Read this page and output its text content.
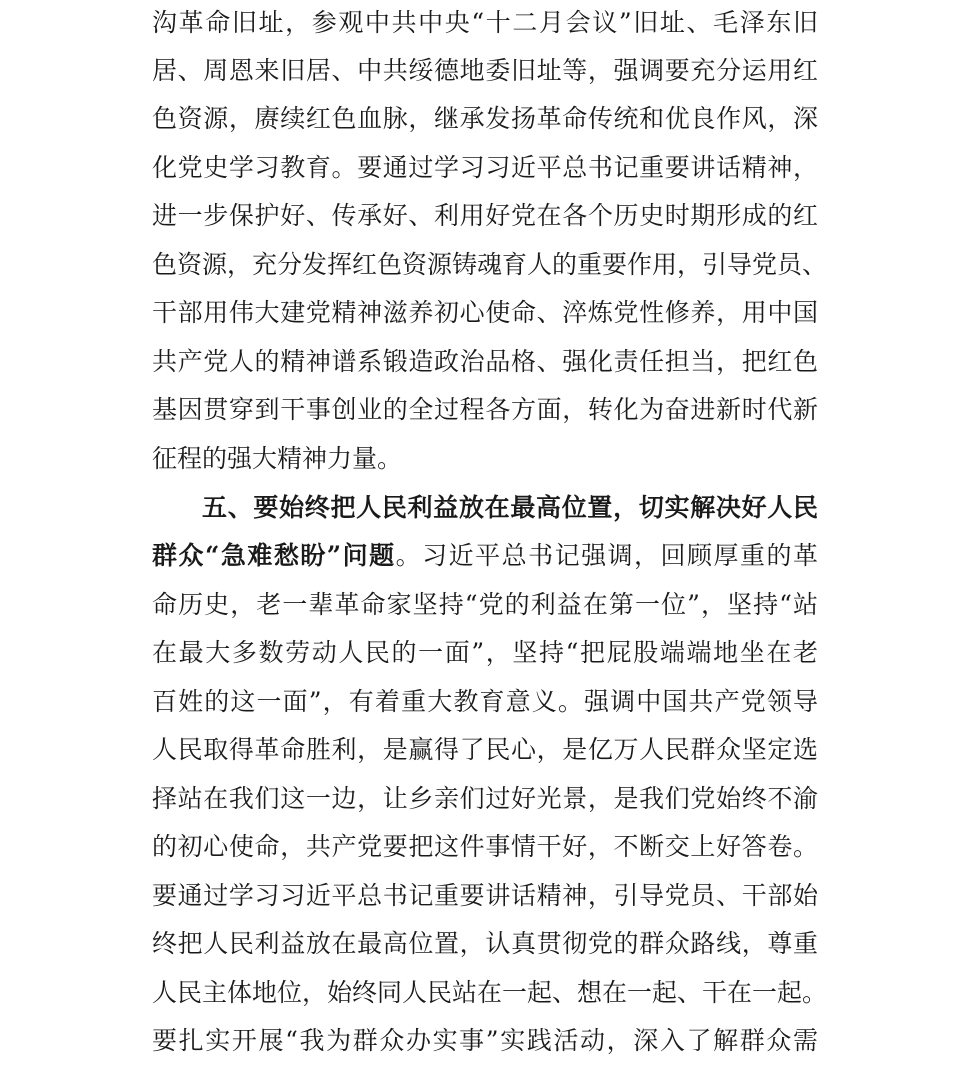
沟革命旧址，参观中共中央“十二月会议”旧址、毛泽东旧
居、周恩来旧居、中共绥德地委旧址等，强调要充分运用红
色资源，赓续红色血脉，继承发扬革命传统和优良作风，深
化党史学习教育。要通过学习习近平总书记重要讲话精神，
进一步保护好、传承好、利用好党在各个历史时期形成的红
色资源，充分发挥红色资源铸魂育人的重要作用，引导党员、
干部用伟大建党精神滋养初心使命、淬炼党性修养，用中国
共产党人的精神谱系锻造政治品格、强化责任担当，把红色
基因贯穿到干事创业的全过程各方面，转化为奋进新时代新
征程的强大精神力量。
五、要始终把人民利益放在最高位置，切实解决好人民
群众“急难愁盼”问题。习近平总书记强调，回顾厚重的革
命历史，老一辈革命家坚持“党的利益在第一位”，坚持“站
在最大多数劳动人民的一面”，坚持“把屁股端端地坐在老
百姓的这一面”，有着重大教育意义。强调中国共产党领导
人民取得革命胜利，是赢得了民心，是亿万人民群众坚定选
择站在我们这一边，让乡亲们过好光景，是我们党始终不渝
的初心使命，共产党要把这件事情干好，不断交上好答卷。
要通过学习习近平总书记重要讲话精神，引导党员、干部始
终把人民利益放在最高位置，认真贯彻党的群众路线，尊重
人民主体地位，始终同人民站在一起、想在一起、干在一起。
要扎实开展“我为群众办实事”实践活动，深入了解群众需
